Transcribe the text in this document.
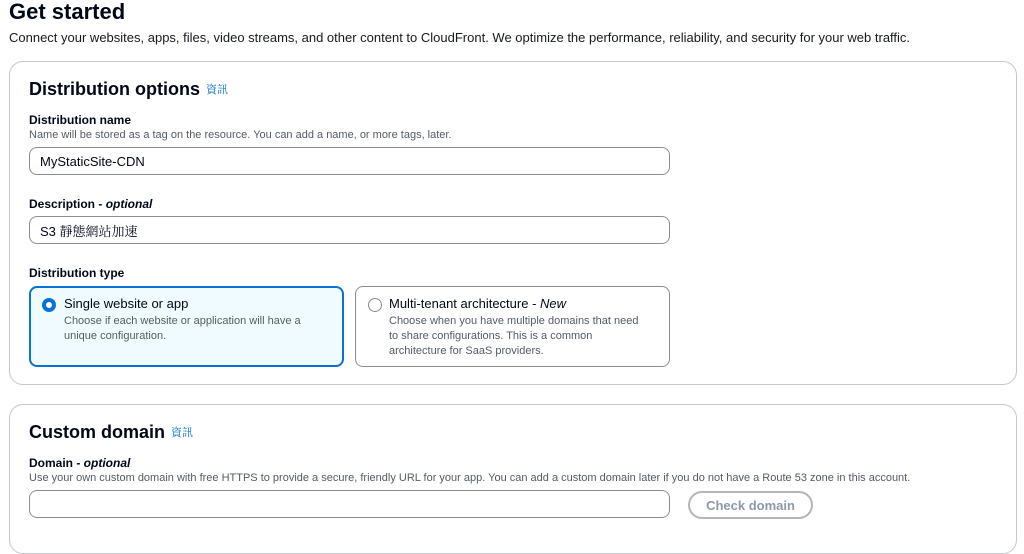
Get started
Connect your websites, apps, files, video streams, and other content to CloudFront. We optimize the performance, reliability, and security for your web traffic.
Distribution options 資訊
Distribution name
Name will be stored as a tag on the resource. You can add a name, or more tags, later.
MyStaticSite-CDN
Description - optional
S3 靜態網站加速
Distribution type
Single website or app
Choose if each website or application will have a unique configuration.
Multi-tenant architecture - New
Choose when you have multiple domains that need to share configurations. This is a common architecture for SaaS providers.
Custom domain 資訊
Domain - optional
Use your own custom domain with free HTTPS to provide a secure, friendly URL for your app. You can add a custom domain later if you do not have a Route 53 zone in this account.
Check domain
